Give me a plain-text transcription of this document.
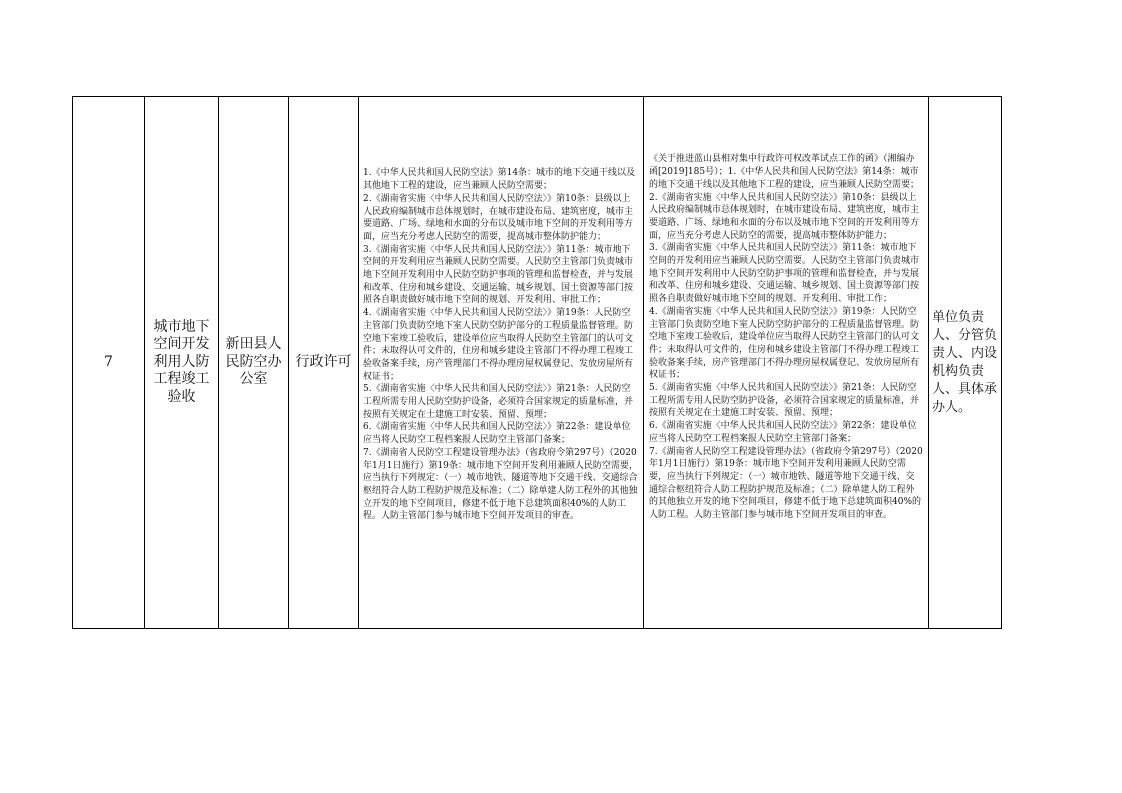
7
城市地下空间开发利用人防工程竣工验收
新田县人民防空办公室
行政许可

1.《中华人民共和国人民防空法》第14条：城市的地下交通干线以及其他地下工程的建设，应当兼顾人民防空需要；
2.《湖南省实施〈中华人民共和国人民防空法〉》第10条：县级以上人民政府编制城市总体规划时，在城市建设布局、建筑密度，城市主要道路、广场、绿地和水面的分布以及城市地下空间的开发利用等方面，应当充分考虑人民防空的需要，提高城市整体防护能力；
3.《湖南省实施〈中华人民共和国人民防空法〉》第11条：城市地下空间的开发利用应当兼顾人民防空需要。人民防空主管部门负责城市地下空间开发利用中人民防空防护事项的管理和监督检查，并与发展和改革、住房和城乡建设、交通运输、城乡规划、国土资源等部门按照各自职责做好城市地下空间的规划、开发利用、审批工作；
4.《湖南省实施〈中华人民共和国人民防空法〉》第19条：人民防空主管部门负责防空地下室人民防空防护部分的工程质量监督管理。防空地下室竣工验收后，建设单位应当取得人民防空主管部门的认可文件；未取得认可文件的，住房和城乡建设主管部门不得办理工程竣工验收备案手续，房产管理部门不得办理房屋权属登记、发放房屋所有权证书；
5.《湖南省实施〈中华人民共和国人民防空法〉》第21条：人民防空工程所需专用人民防空防护设备，必须符合国家规定的质量标准，并按照有关规定在土建施工时安装、预留、预埋；
6.《湖南省实施〈中华人民共和国人民防空法〉》第22条：建设单位应当将人民防空工程档案报人民防空主管部门备案；
7.《湖南省人民防空工程建设管理办法》（省政府令第297号）（2020年1月1日施行）第19条：城市地下空间开发利用兼顾人民防空需要，应当执行下列规定：（一）城市地铁、隧道等地下交通干线、交通综合枢纽符合人防工程防护规范及标准；（二）除单建人防工程外的其他独立开发的地下空间项目，修建不低于地下总建筑面积40%的人防工程。人防主管部门参与城市地下空间开发项目的审查。

《关于推进蓝山县相对集中行政许可权改革试点工作的函》（湘编办函[2019]185号）；1.《中华人民共和国人民防空法》第14条：城市的地下交通干线以及其他地下工程的建设，应当兼顾人民防空需要；
2.《湖南省实施〈中华人民共和国人民防空法〉》第10条：县级以上人民政府编制城市总体规划时，在城市建设布局、建筑密度，城市主要道路、广场、绿地和水面的分布以及城市地下空间的开发利用等方面，应当充分考虑人民防空的需要，提高城市整体防护能力；
3.《湖南省实施〈中华人民共和国人民防空法〉》第11条：城市地下空间的开发利用应当兼顾人民防空需要。人民防空主管部门负责城市地下空间开发利用中人民防空防护事项的管理和监督检查，并与发展和改革、住房和城乡建设、交通运输、城乡规划、国土资源等部门按照各自职责做好城市地下空间的规划、开发利用、审批工作；
4.《湖南省实施〈中华人民共和国人民防空法〉》第19条：人民防空主管部门负责防空地下室人民防空防护部分的工程质量监督管理。防空地下室竣工验收后，建设单位应当取得人民防空主管部门的认可文件；未取得认可文件的，住房和城乡建设主管部门不得办理工程竣工验收备案手续，房产管理部门不得办理房屋权属登记、发放房屋所有权证书；
5.《湖南省实施〈中华人民共和国人民防空法〉》第21条：人民防空工程所需专用人民防空防护设备，必须符合国家规定的质量标准，并按照有关规定在土建施工时安装、预留、预埋；
6.《湖南省实施〈中华人民共和国人民防空法〉》第22条：建设单位应当将人民防空工程档案报人民防空主管部门备案；
7.《湖南省人民防空工程建设管理办法》（省政府令第297号）（2020年1月1日施行）第19条：城市地下空间开发利用兼顾人民防空需要，应当执行下列规定：（一）城市地铁、隧道等地下交通干线、交通综合枢纽符合人防工程防护规范及标准；（二）除单建人防工程外的其他独立开发的地下空间项目，修建不低于地下总建筑面积40%的人防工程。人防主管部门参与城市地下空间开发项目的审查。

单位负责人、分管负责人、内设机构负责人、具体承办人。
